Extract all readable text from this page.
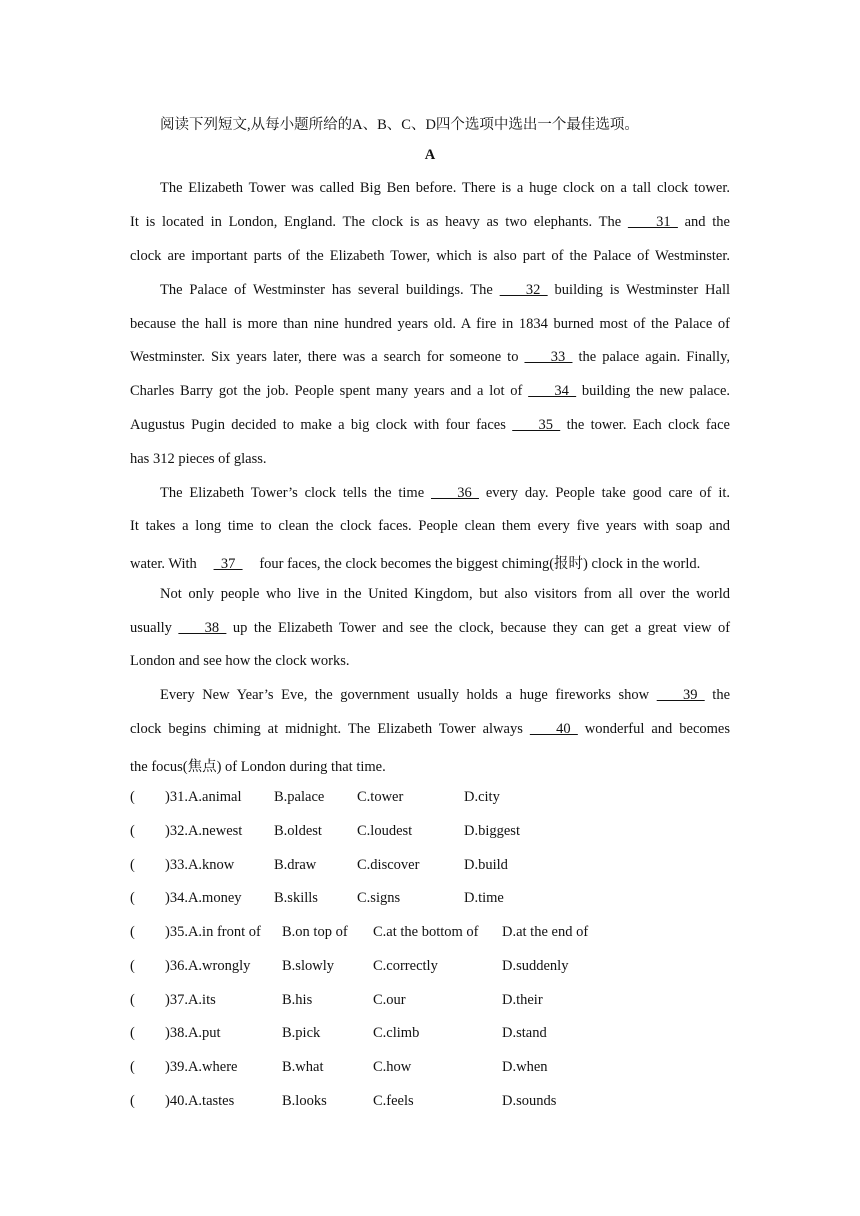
阅读下列短文,从每小题所给的A、B、C、D四个选项中选出一个最佳选项。
A
The Elizabeth Tower was called Big Ben before. There is a huge clock on a tall clock tower.
It is located in London, England. The clock is as heavy as two elephants. The   31   and the
clock are important parts of the Elizabeth Tower, which is also part of the Palace of Westminster.
The Palace of Westminster has several buildings. The   32   building is Westminster Hall
because the hall is more than nine hundred years old. A fire in 1834 burned most of the Palace of
Westminster. Six years later, there was a search for someone to   33   the palace again. Finally,
Charles Barry got the job. People spent many years and a lot of   34   building the new palace.
Augustus Pugin decided to make a big clock with four faces   35   the tower. Each clock face
has 312 pieces of glass.
The Elizabeth Tower’s clock tells the time   36   every day. People take good care of it.
It takes a long time to clean the clock faces. People clean them every five years with soap and
water. With    37    four faces, the clock becomes the biggest chiming(报时) clock in the world.
Not only people who live in the United Kingdom, but also visitors from all over the world
usually   38   up the Elizabeth Tower and see the clock, because they can get a great view of
London and see how the clock works.
Every New Year’s Eve, the government usually holds a huge fireworks show   39   the
clock begins chiming at midnight. The Elizabeth Tower always   40   wonderful and becomes
the focus(焦点) of London during that time.
( )31.A.animal B.palace C.tower	D.city
( )32.A.newest B.oldest C.loudest	D.biggest
( )33.A.know	B.draw	C.discover	D.build
( )34.A.money B.skills	C.signs	D.time
( )35.A.in front of B.on top of C.at the bottom of D.at the end of
( )36.A.wrongly B.slowly	C.correctly	D.suddenly
( )37.A.its	B.his	C.our	D.their
( )38.A.put	B.pick	C.climb	D.stand
( )39.A.where	B.what	C.how	D.when
( )40.A.tastes	B.looks	C.feels	D.sounds
